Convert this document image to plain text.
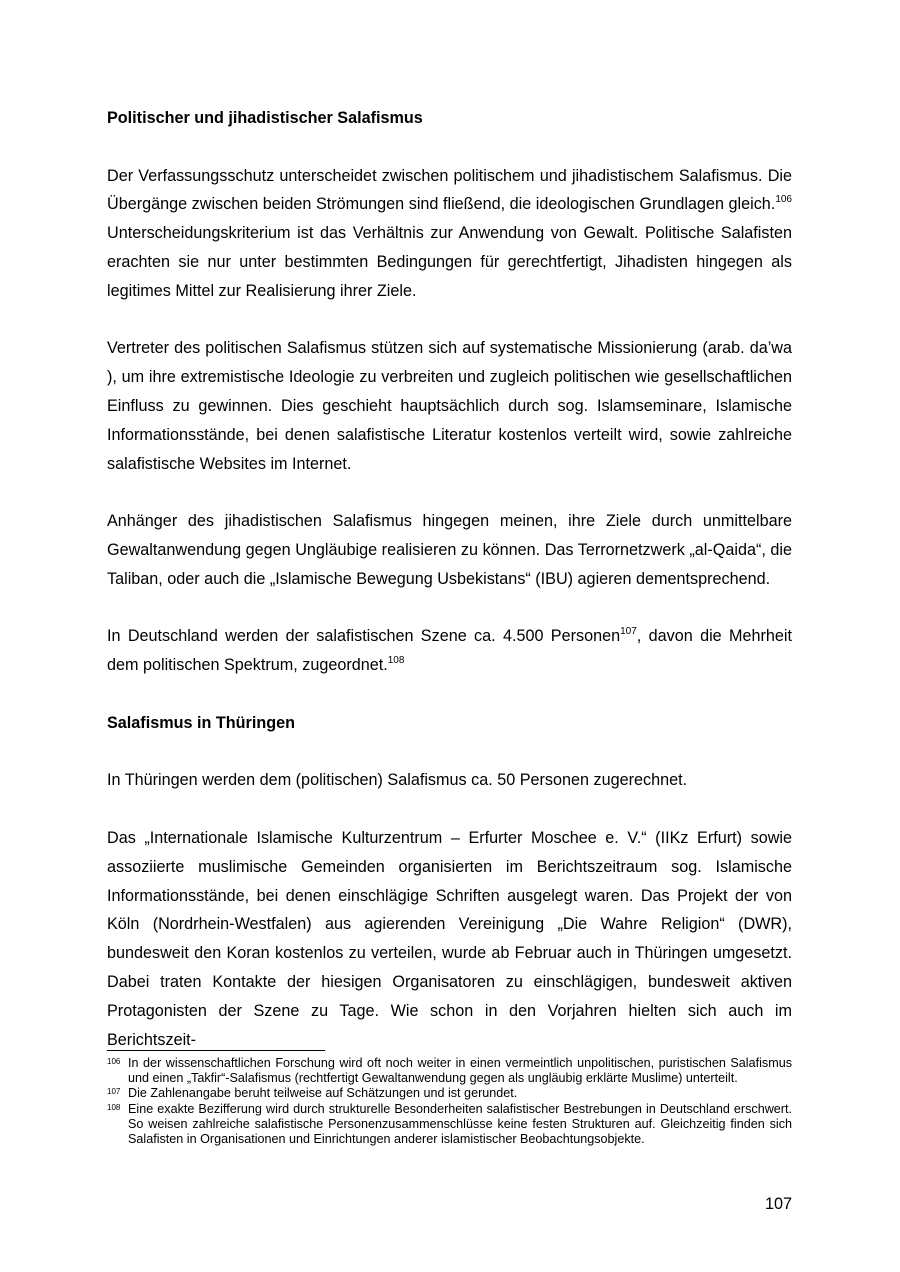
Politischer und jihadistischer Salafismus

Der Verfassungsschutz unterscheidet zwischen politischem und jihadistischem Salafismus. Die Übergänge zwischen beiden Strömungen sind fließend, die ideologischen Grundlagen gleich.$^{106}$ Unterscheidungskriterium ist das Verhältnis zur Anwendung von Gewalt. Politische Salafisten erachten sie nur unter bestimmten Bedingungen für gerechtfertigt, Jihadisten hingegen als legitimes Mittel zur Realisierung ihrer Ziele.

Vertreter des politischen Salafismus stützen sich auf systematische Missionierung (arab. da’wa ), um ihre extremistische Ideologie zu verbreiten und zugleich politischen wie gesellschaftlichen Einfluss zu gewinnen. Dies geschieht hauptsächlich durch sog. Islamseminare, Islamische Informationsstände, bei denen salafistische Literatur kostenlos verteilt wird, sowie zahlreiche salafistische Websites im Internet.

Anhänger des jihadistischen Salafismus hingegen meinen, ihre Ziele durch unmittelbare Gewaltanwendung gegen Ungläubige realisieren zu können. Das Terrornetzwerk „al-Qaida“, die Taliban, oder auch die „Islamische Bewegung Usbekistans“ (IBU) agieren dementsprechend.

In Deutschland werden der salafistischen Szene ca. 4.500 Personen$^{107}$, davon die Mehrheit dem politischen Spektrum, zugeordnet.$^{108}$

Salafismus in Thüringen

In Thüringen werden dem (politischen) Salafismus ca. 50 Personen zugerechnet.

Das „Internationale Islamische Kulturzentrum – Erfurter Moschee e. V.“ (IIKz Erfurt) sowie assoziierte muslimische Gemeinden organisierten im Berichtszeitraum sog. Islamische Informationsstände, bei denen einschlägige Schriften ausgelegt waren. Das Projekt der von Köln (Nordrhein-Westfalen) aus agierenden Vereinigung „Die Wahre Religion“ (DWR), bundesweit den Koran kostenlos zu verteilen, wurde ab Februar auch in Thüringen umgesetzt. Dabei traten Kontakte der hiesigen Organisatoren zu einschlägigen, bundesweit aktiven Protagonisten der Szene zu Tage. Wie schon in den Vorjahren hielten sich auch im Berichtszeit-

106 In der wissenschaftlichen Forschung wird oft noch weiter in einen vermeintlich unpolitischen, puristischen Salafismus und einen „Takfir“-Salafismus (rechtfertigt Gewaltanwendung gegen als ungläubig erklärte Muslime) unterteilt.
107 Die Zahlenangabe beruht teilweise auf Schätzungen und ist gerundet.
108 Eine exakte Bezifferung wird durch strukturelle Besonderheiten salafistischer Bestrebungen in Deutschland erschwert. So weisen zahlreiche salafistische Personenzusammenschlüsse keine festen Strukturen auf. Gleichzeitig finden sich Salafisten in Organisationen und Einrichtungen anderer islamistischer Beobachtungsobjekte.
107
